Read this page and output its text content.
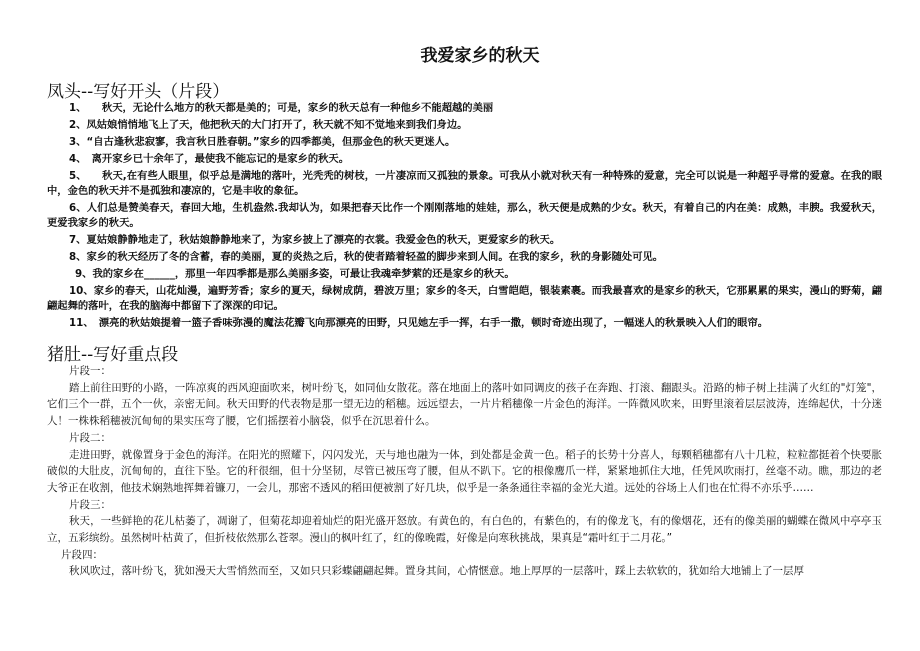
我爱家乡的秋天
凤头--写好开头（片段）

1、　　秋天，无论什么地方的秋天都是美的；可是，家乡的秋天总有一种他乡不能超越的美丽

2、凤姑娘悄悄地飞上了天，他把秋天的大门打开了，秋天就不知不觉地来到我们身边。

3、“自古逢秋悲寂寥，我言秋日胜春朝。”家乡的四季都美，但那金色的秋天更迷人。

4、　离开家乡已十余年了，最使我不能忘记的是家乡的秋天。

5、　　秋天,在有些人眼里，似乎总是满地的落叶，光秃秃的树枝，一片凄凉而又孤独的景象。可我从小就对秋天有一种特殊的爱意，完全可以说是一种超乎寻常的爱意。在我的眼中，金色的秋天并不是孤独和凄凉的，它是丰收的象征。

6、人们总是赞美春天，春回大地，生机盎然.我却认为，如果把春天比作一个刚刚落地的娃娃，那么，秋天便是成熟的少女。秋天，有着自己的内在美：成熟，丰腴。我爱秋天，更爱我家乡的秋天。

7、夏姑娘静静地走了，秋姑娘静静地来了，为家乡披上了漂亮的衣裳。我爱金色的秋天，更爱家乡的秋天。

8、家乡的秋天经历了冬的含蓄，春的美丽，夏的炎热之后，秋的使者踏着轻盈的脚步来到人间。在我的家乡，秋的身影随处可见。

9、我的家乡在______，那里一年四季都是那么美丽多姿，可最让我魂牵梦萦的还是家乡的秋天。

10、家乡的春天，山花灿漫，遍野芳香；家乡的夏天，绿树成荫，碧波万里；家乡的冬天，白雪皑皑，银装素裹。而我最喜欢的是家乡的秋天，它那累累的果实，漫山的野菊，翩翩起舞的落叶，在我的脑海中都留下了深深的印记。

11、　漂亮的秋姑娘提着一篮子香味弥漫的魔法花瓣飞向那漂亮的田野，只见她左手一挥，右手一撒，顿时奇迹出现了，一幅迷人的秋景映入人们的眼帘。

猪肚--写好重点段
片段一：

踏上前往田野的小路，一阵凉爽的西风迎面吹来，树叶纷飞，如同仙女散花。落在地面上的落叶如同调皮的孩子在奔跑、打滚、翻跟头。沿路的柿子树上挂满了火红的"灯笼"，它们三个一群，五个一伙，亲密无间。秋天田野的代表物是那一望无边的稻穗。远远望去，一片片稻穗像一片金色的海洋。一阵微风吹来，田野里滚着层层波涛，连绵起伏，十分迷人！一株株稻穗被沉甸甸的果实压弯了腰，它们摇摆着小脑袋，似乎在沉思着什么。

片段二：

走进田野，就像置身于金色的海洋。在阳光的照耀下，闪闪发光，天与地也融为一体，到处都是金黄一色。稻子的长势十分喜人，每颗稻穗都有八十几粒，粒粒都挺着个快要胀破似的大肚皮，沉甸甸的，直往下坠。它的秆很细，但十分坚韧，尽管已被压弯了腰，但从不趴下。它的根像鹰爪一样，紧紧地抓住大地，任凭风吹雨打，丝毫不动。瞧，那边的老大爷正在收割，他技术娴熟地挥舞着镰刀，一会儿，那密不透风的稻田便被割了好几块，似乎是一条条通往幸福的金光大道。远处的谷场上人们也在忙得不亦乐乎……

片段三：

秋天，一些鲜艳的花儿枯萎了，凋谢了，但菊花却迎着灿烂的阳光盛开怒放。有黄色的，有白色的，有紫色的，有的像龙飞，有的像烟花，还有的像美丽的蝴蝶在微风中亭亭玉立，五彩缤纷。虽然树叶枯黄了，但折枝依然那么苍翠。漫山的枫叶红了，红的像晚霞，好像是向寒秋挑战，果真是“霜叶红于二月花。”

片段四：

秋风吹过，落叶纷飞，犹如漫天大雪悄然而至，又如只只彩蝶翩翩起舞。置身其间，心情惬意。地上厚厚的一层落叶，踩上去软软的，犹如给大地铺上了一层厚
